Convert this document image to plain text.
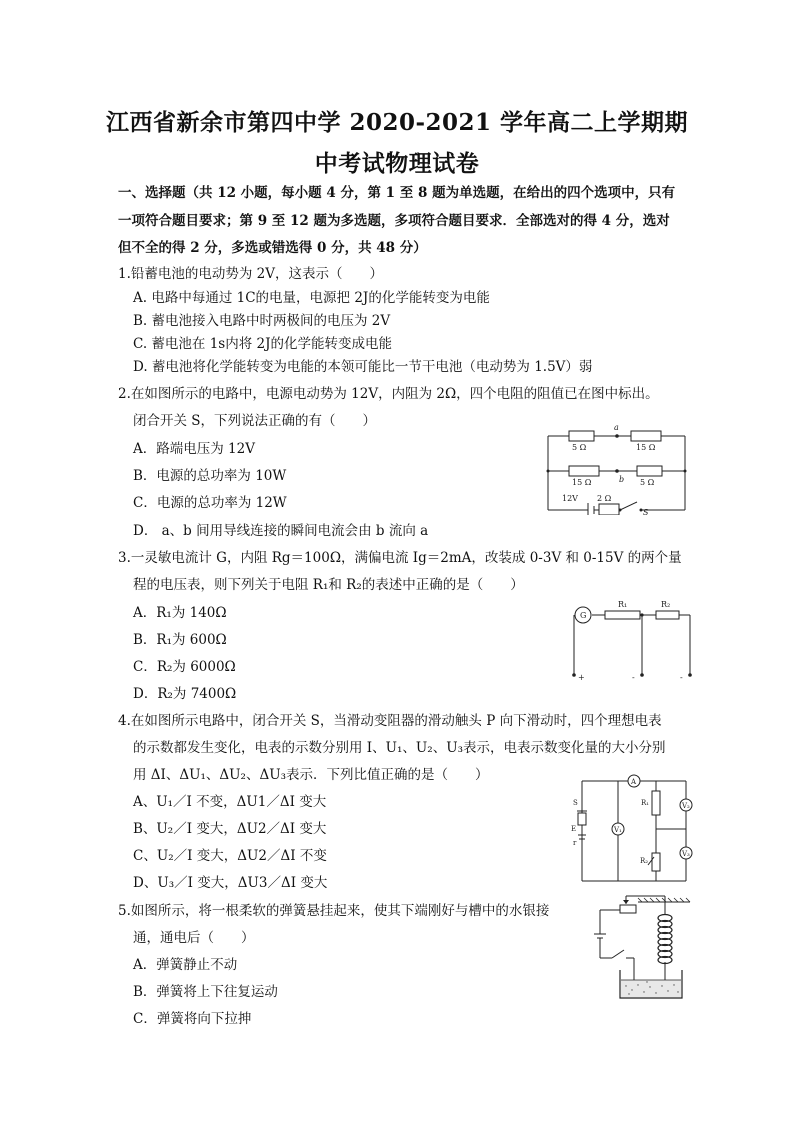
江西省新余市第四中学 2020-2021 学年高二上学期期
中考试物理试卷
一、选择题（共 12 小题，每小题 4 分，第 1 至 8 题为单选题，在给出的四个选项中，只有
一项符合题目要求；第 9 至 12 题为多选题，多项符合题目要求．全部选对的得 4 分，选对
但不全的得 2 分，多选或错选得 0 分，共 48 分）
1.铅蓄电池的电动势为 2V，这表示（　　）
A. 电路中每通过 1C的电量，电源把 2J的化学能转变为电能
B. 蓄电池接入电路中时两极间的电压为 2V
C. 蓄电池在 1s内将 2J的化学能转变成电能
D. 蓄电池将化学能转变为电能的本领可能比一节干电池（电动势为 1.5V）弱
2.在如图所示的电路中，电源电动势为 12V，内阻为 2Ω，四个电阻的阻值已在图中标出。
闭合开关 S，下列说法正确的有（　　）
A．路端电压为 12V
B．电源的总功率为 10W
C．电源的总功率为 12W
D． a、b 间用导线连接的瞬间电流会由 b 流向 a
5 Ω	15 Ω
15 Ω	5 Ω
a
b
12V 2 Ω
S
3.一灵敏电流计 G，内阻 Rg＝100Ω，满偏电流 Ig＝2mA，改装成 0-3V 和 0-15V 的两个量
程的电压表，则下列关于电阻 R₁和 R₂的表述中正确的是（　　）
A．R₁为 140Ω
B．R₁为 600Ω
C．R₂为 6000Ω
D．R₂为 7400Ω
G
R₁	R₂
+	-	-
4.在如图所示电路中，闭合开关 S，当滑动变阻器的滑动触头 P 向下滑动时，四个理想电表
的示数都发生变化，电表的示数分别用 I、U₁、U₂、U₃表示，电表示数变化量的大小分别
用 ΔI、ΔU₁、ΔU₂、ΔU₃表示．下列比值正确的是（　　）
A、U₁／I 不变，ΔU1／ΔI 变大
B、U₂／I 变大，ΔU2／ΔI 变大
C、U₂／I 变大，ΔU2／ΔI 不变
D、U₃／I 变大，ΔU3／ΔI 变大
A
V₁
V₂
V₃
S
E
r
R₁
R₂
5.如图所示，将一根柔软的弹簧悬挂起来，使其下端刚好与槽中的水银接
通，通电后（　　）
A．弹簧静止不动
B．弹簧将上下往复运动
C．弹簧将向下拉抻
